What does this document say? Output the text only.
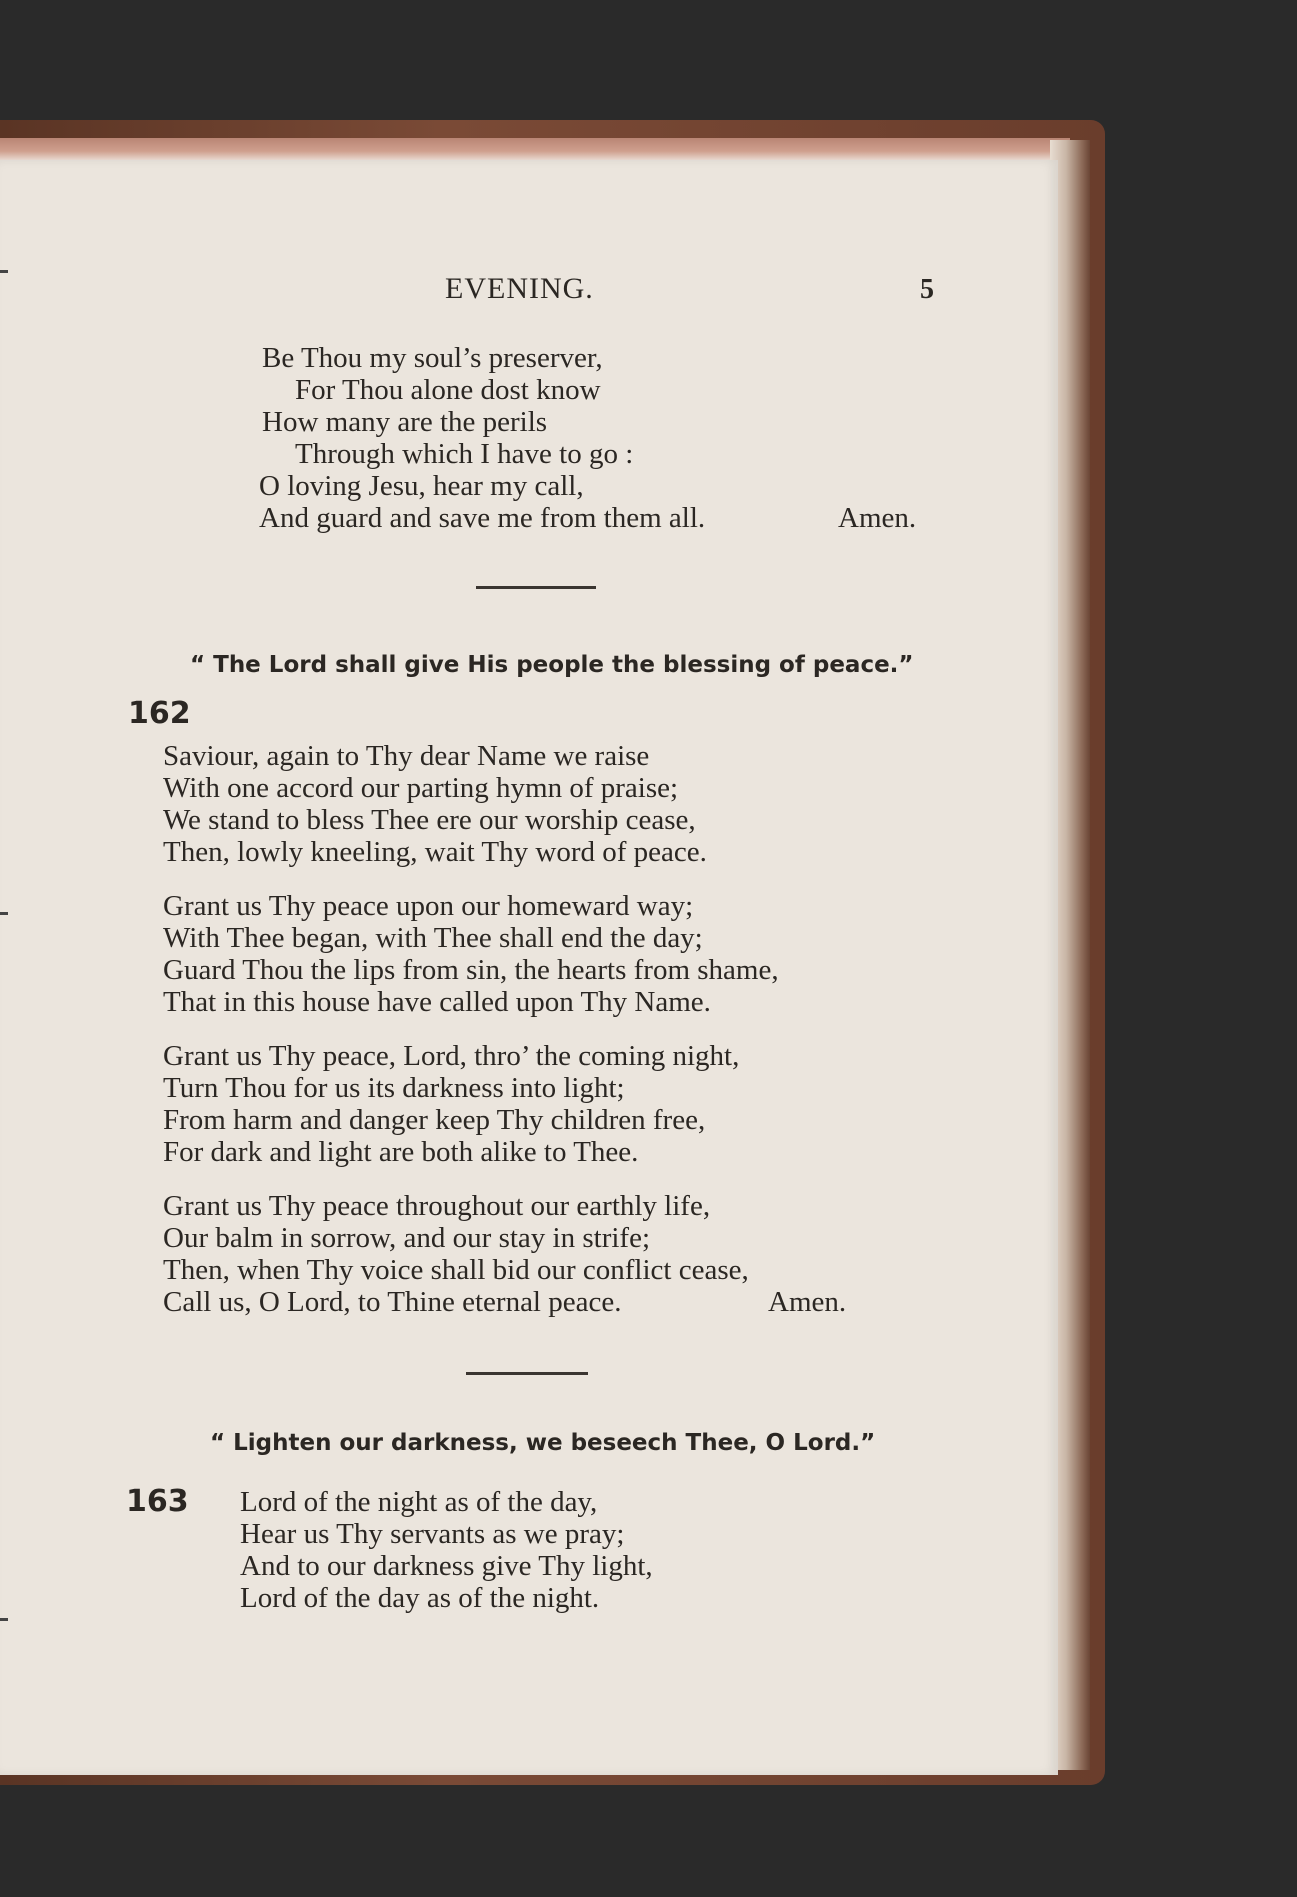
EVENING.	5
Be Thou my soul’s preserver,
For Thou alone dost know
How many are the perils
Through which I have to go :
O loving Jesu, hear my call,
And guard and save me from them all.	Amen.
“ The Lord shall give His people the blessing of peace.”
162
Saviour, again to Thy dear Name we raise
With one accord our parting hymn of praise;
We stand to bless Thee ere our worship cease,
Then, lowly kneeling, wait Thy word of peace.
Grant us Thy peace upon our homeward way;
With Thee began, with Thee shall end the day;
Guard Thou the lips from sin, the hearts from shame,
That in this house have called upon Thy Name.
Grant us Thy peace, Lord, thro’ the coming night,
Turn Thou for us its darkness into light;
From harm and danger keep Thy children free,
For dark and light are both alike to Thee.
Grant us Thy peace throughout our earthly life,
Our balm in sorrow, and our stay in strife;
Then, when Thy voice shall bid our conflict cease,
Call us, O Lord, to Thine eternal peace.	Amen.
“ Lighten our darkness, we beseech Thee, O Lord.”
163 Lord of the night as of the day,
Hear us Thy servants as we pray;
And to our darkness give Thy light,
Lord of the day as of the night.
